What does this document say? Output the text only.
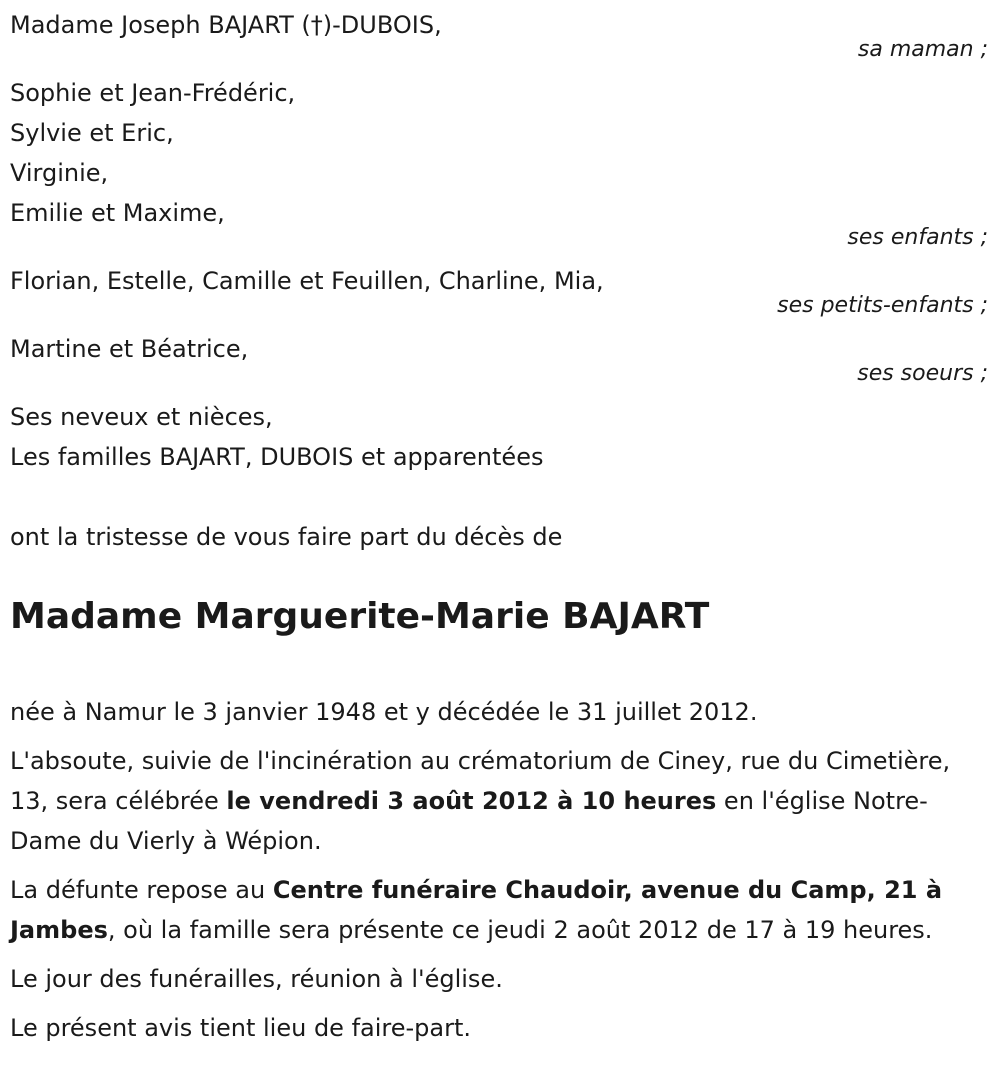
Madame Joseph BAJART (†)-DUBOIS,
sa maman ;
Sophie et Jean-Frédéric,
Sylvie et Eric,
Virginie,
Emilie et Maxime,
ses enfants ;
Florian, Estelle, Camille et Feuillen, Charline, Mia,
ses petits-enfants ;
Martine et Béatrice,
ses soeurs ;
Ses neveux et nièces,
Les familles BAJART, DUBOIS et apparentées
ont la tristesse de vous faire part du décès de
Madame Marguerite-Marie BAJART
née à Namur le 3 janvier 1948 et y décédée le 31 juillet 2012.
L'absoute, suivie de l'incinération au crématorium de Ciney, rue du Cimetière, 13, sera célébrée le vendredi 3 août 2012 à 10 heures en l'église Notre-Dame du Vierly à Wépion.
La défunte repose au Centre funéraire Chaudoir, avenue du Camp, 21 à Jambes, où la famille sera présente ce jeudi 2 août 2012 de 17 à 19 heures.
Le jour des funérailles, réunion à l'église.
Le présent avis tient lieu de faire-part.
